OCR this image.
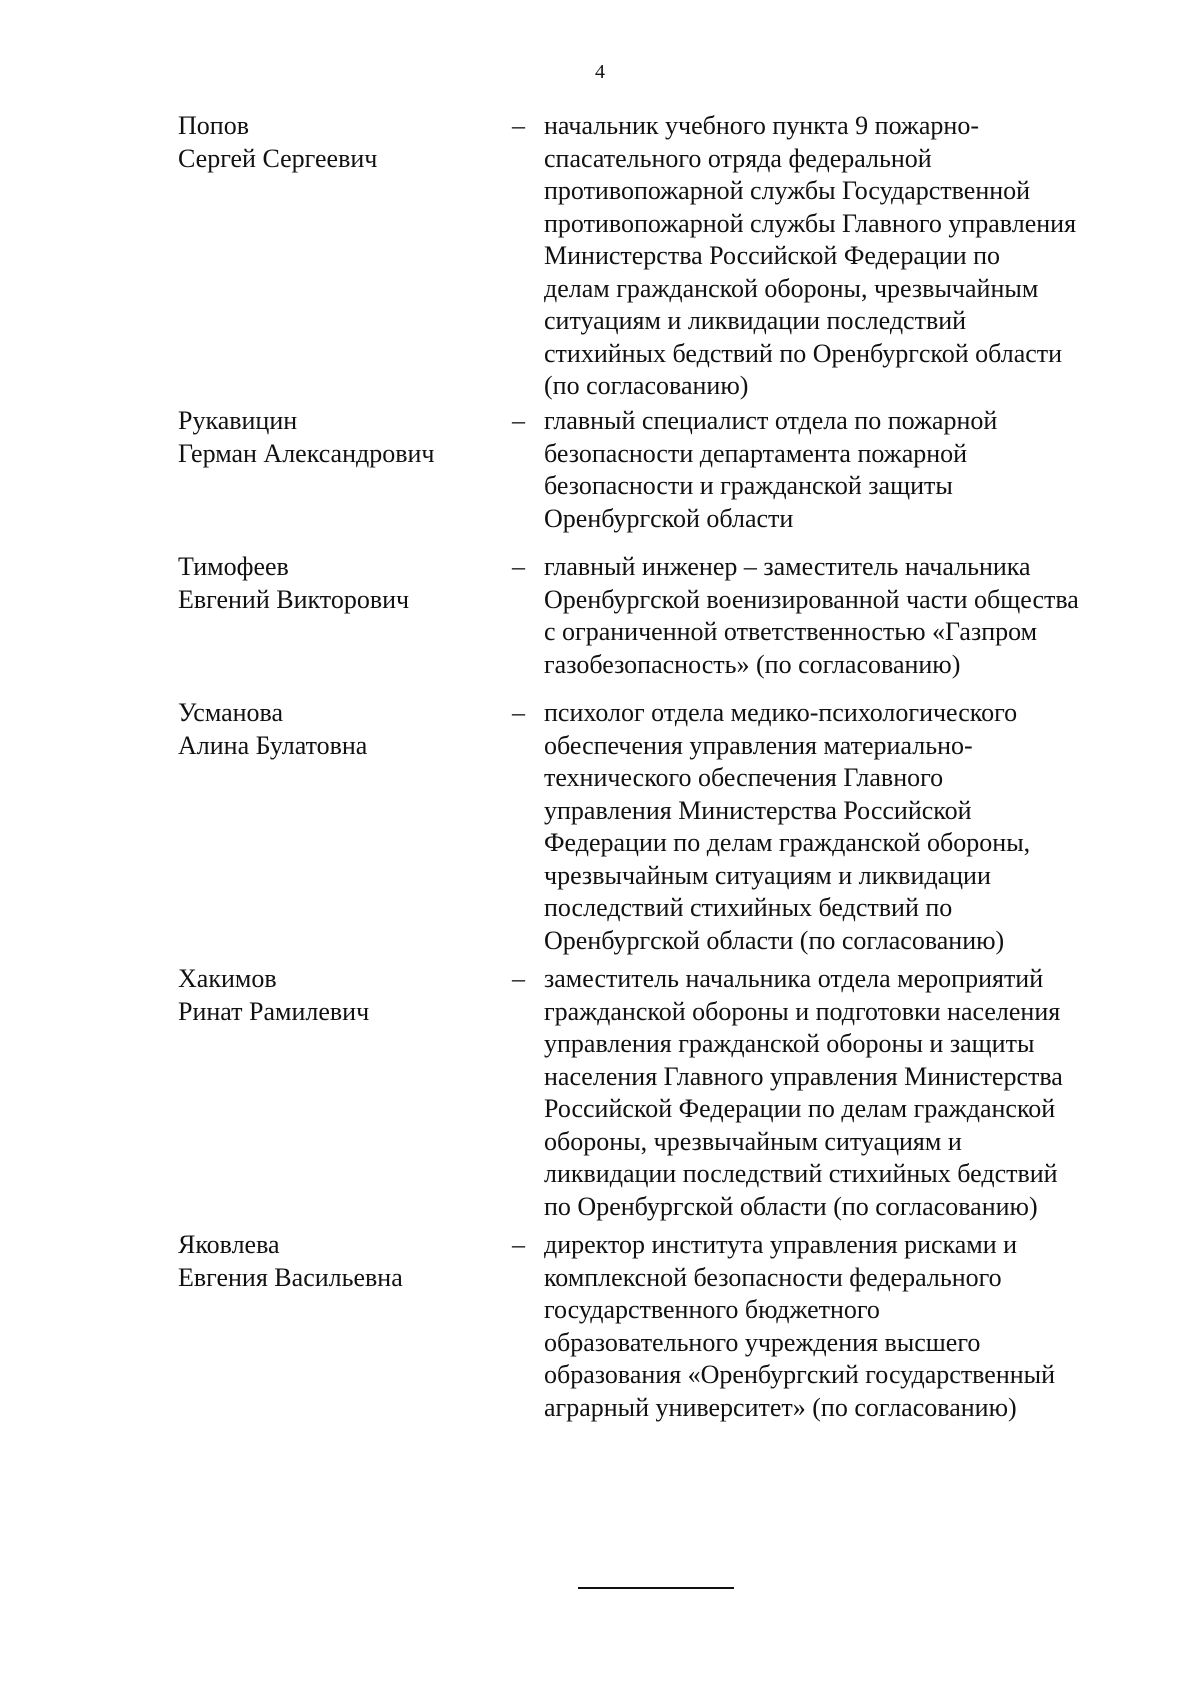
4
Попов
Сергей Сергеевич
– начальник учебного пункта 9 пожарно-
спасательного отряда федеральной
противопожарной службы Государственной
противопожарной службы Главного управления
Министерства Российской Федерации по
делам гражданской обороны, чрезвычайным
ситуациям и ликвидации последствий
стихийных бедствий по Оренбургской области
(по согласованию)
Рукавицин
Герман Александрович
– главный специалист отдела по пожарной
безопасности департамента пожарной
безопасности и гражданской защиты
Оренбургской области
Тимофеев
Евгений Викторович
– главный инженер – заместитель начальника
Оренбургской военизированной части общества
с ограниченной ответственностью «Газпром
газобезопасность» (по согласованию)
Усманова
Алина Булатовна
– психолог отдела медико-психологического
обеспечения управления материально-
технического обеспечения Главного
управления Министерства Российской
Федерации по делам гражданской обороны,
чрезвычайным ситуациям и ликвидации
последствий стихийных бедствий по
Оренбургской области (по согласованию)
Хакимов
Ринат Рамилевич
– заместитель начальника отдела мероприятий
гражданской обороны и подготовки населения
управления гражданской обороны и защиты
населения Главного управления Министерства
Российской Федерации по делам гражданской
обороны, чрезвычайным ситуациям и
ликвидации последствий стихийных бедствий
по Оренбургской области (по согласованию)
Яковлева
Евгения Васильевна
– директор института управления рисками и
комплексной безопасности федерального
государственного бюджетного
образовательного учреждения высшего
образования «Оренбургский государственный
аграрный университет» (по согласованию)
